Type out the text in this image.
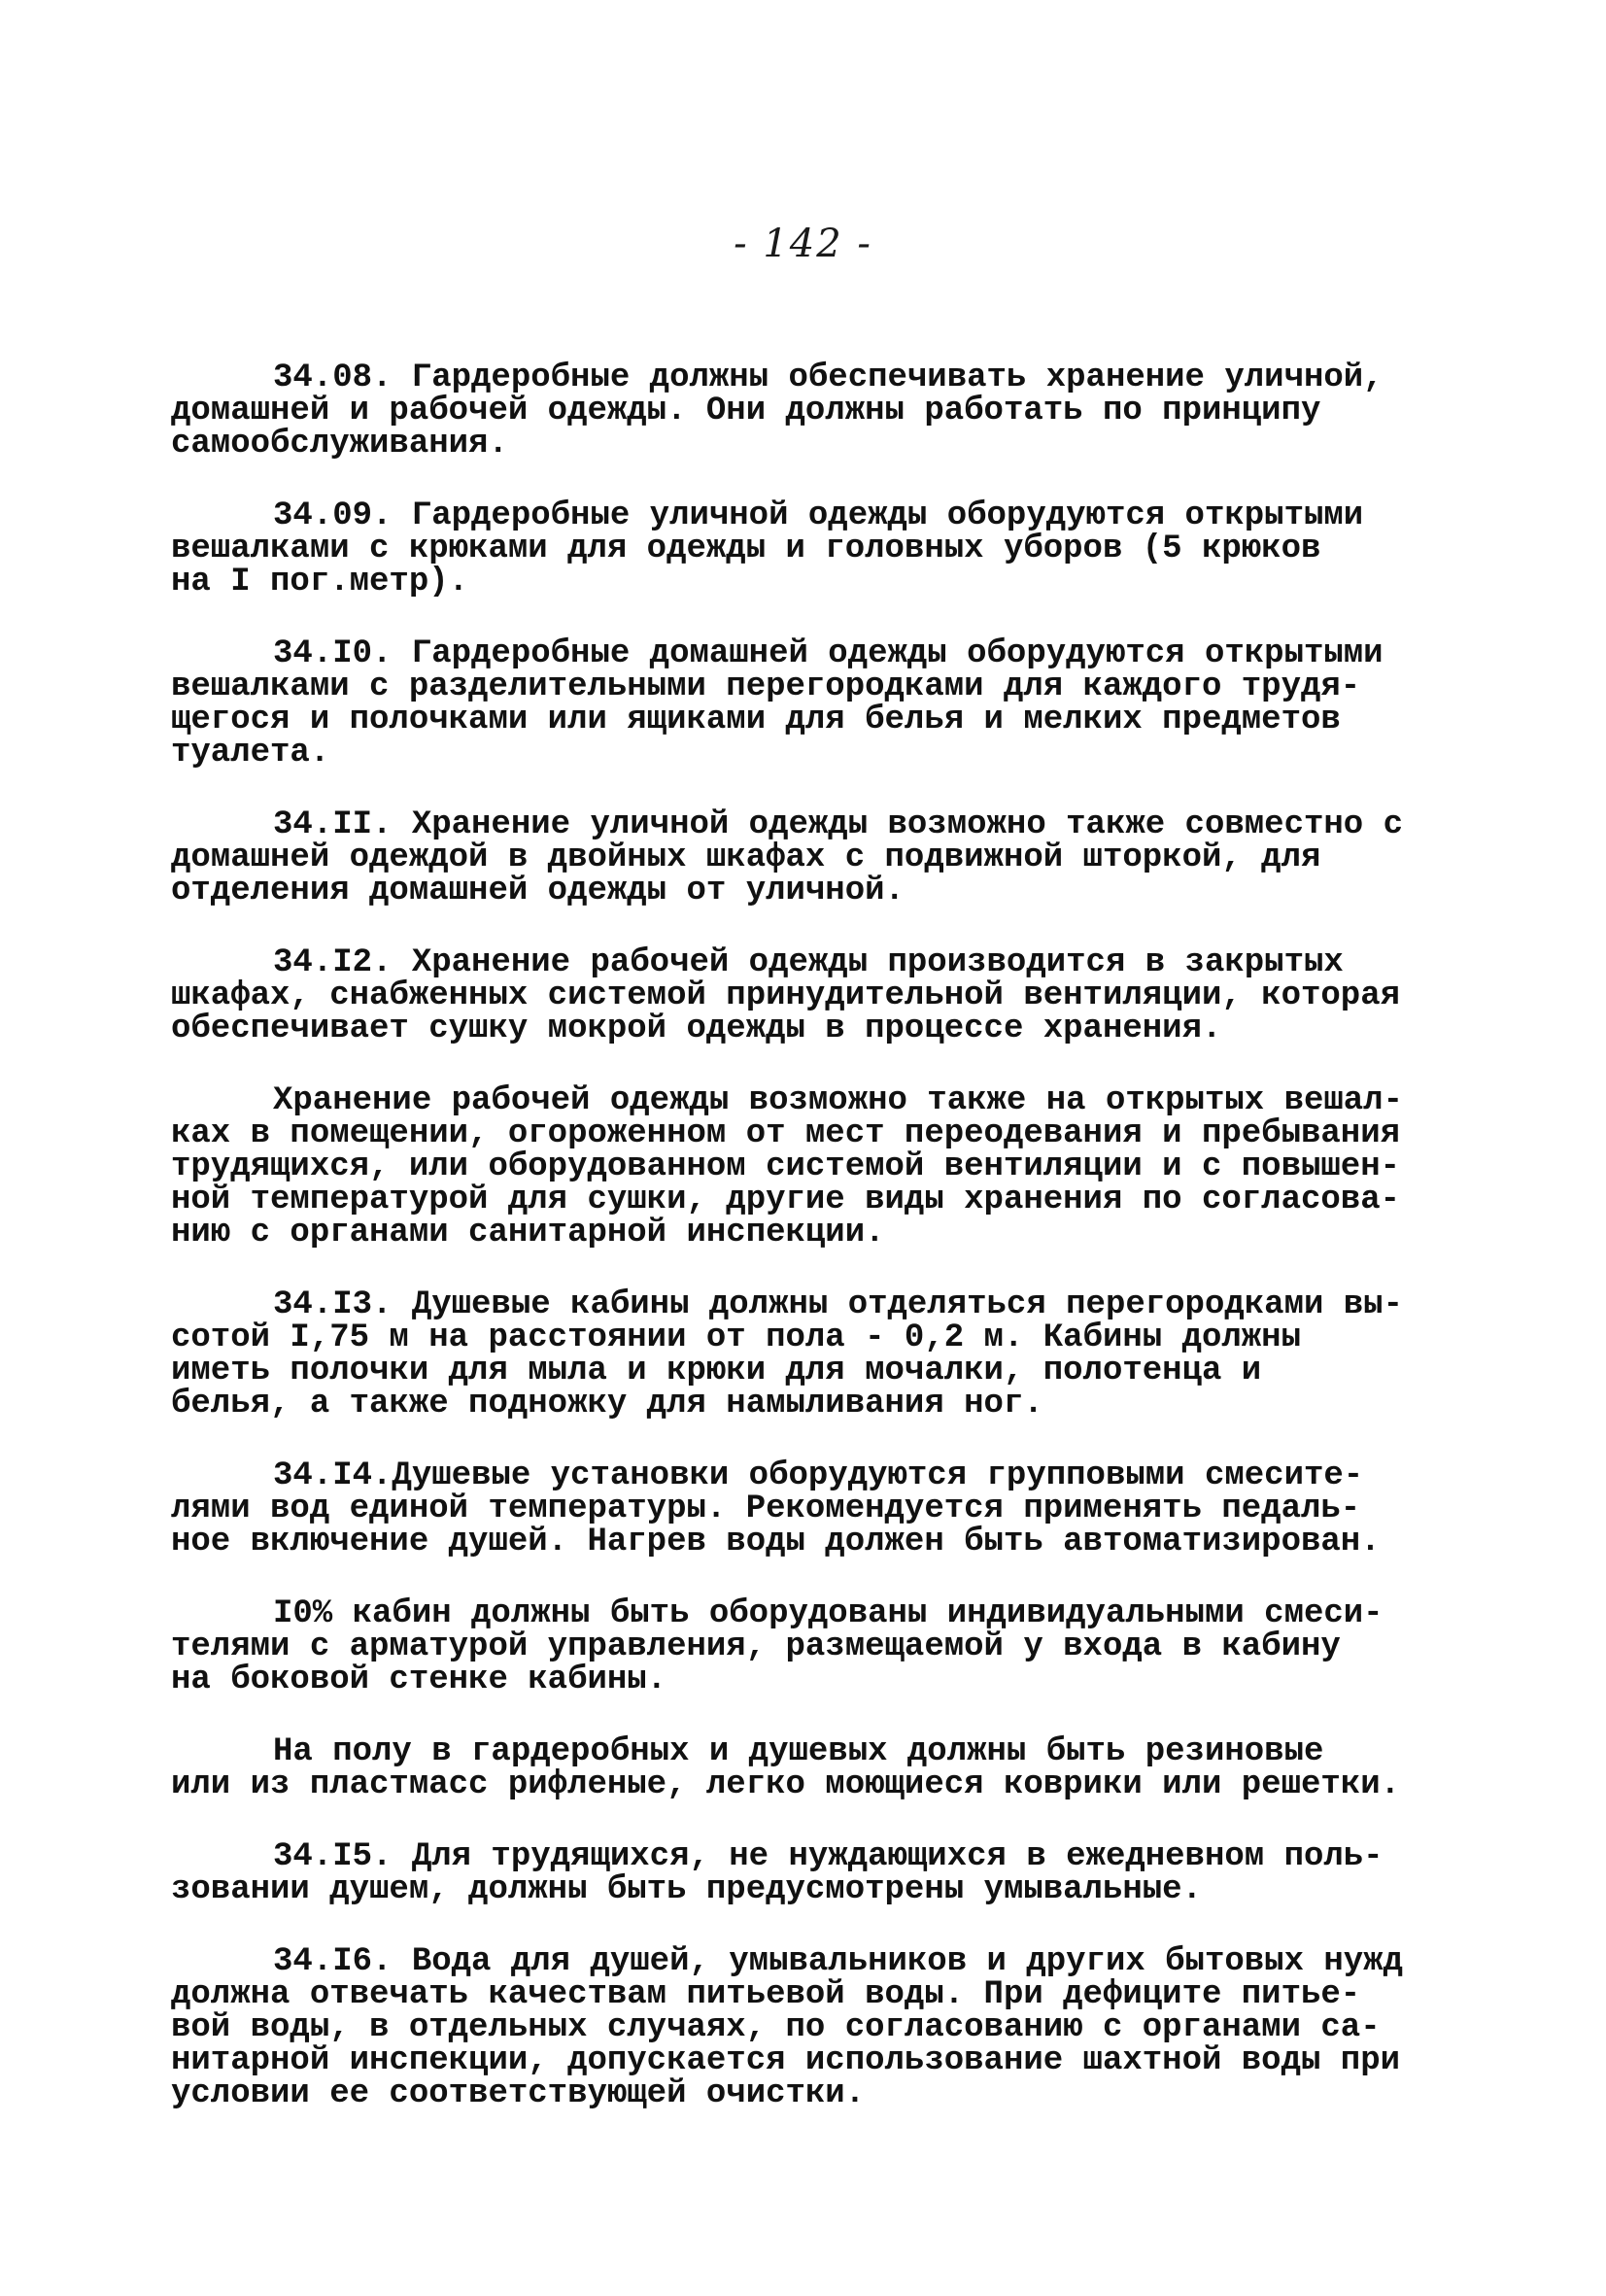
- 142 -

34.08. Гардеробные должны обеспечивать хранение уличной,
домашней и рабочей одежды. Они должны работать по принципу
самообслуживания.

34.09. Гардеробные уличной одежды оборудуются открытыми
вешалками с крюками для одежды и головных уборов (5 крюков
на I пог.метр).

34.I0. Гардеробные домашней одежды оборудуются открытыми
вешалками с разделительными перегородками для каждого трудя-
щегося и полочками или ящиками для белья и мелких предметов
туалета.

34.II. Хранение уличной одежды возможно также совместно с
домашней одеждой в двойных шкафах с подвижной шторкой, для
отделения домашней одежды от уличной.

34.I2. Хранение рабочей одежды производится в закрытых
шкафах, снабженных системой принудительной вентиляции, которая
обеспечивает сушку мокрой одежды в процессе хранения.

Хранение рабочей одежды возможно также на открытых вешал-
ках в помещении, огороженном от мест переодевания и пребывания
трудящихся, или оборудованном системой вентиляции и с повышен-
ной температурой для сушки, другие виды хранения по согласова-
нию с органами санитарной инспекции.

34.I3. Душевые кабины должны отделяться перегородками вы-
сотой I,75 м на расстоянии от пола - 0,2 м. Кабины должны
иметь полочки для мыла и крюки для мочалки, полотенца и
белья, а также подножку для намыливания ног.

34.I4.Душевые установки оборудуются групповыми смесите-
лями вод единой температуры. Рекомендуется применять педаль-
ное включение душей. Нагрев воды должен быть автоматизирован.

I0% кабин должны быть оборудованы индивидуальными смеси-
телями с арматурой управления, размещаемой у входа в кабину
на боковой стенке кабины.

На полу в гардеробных и душевых должны быть резиновые
или из пластмасс рифленые, легко моющиеся коврики или решетки.

34.I5. Для трудящихся, не нуждающихся в ежедневном поль-
зовании душем, должны быть предусмотрены умывальные.

34.I6. Вода для душей, умывальников и других бытовых нужд
должна отвечать качествам питьевой воды. При дефиците питье-
вой воды, в отдельных случаях, по согласованию с органами са-
нитарной инспекции, допускается использование шахтной воды при
условии ее соответствующей очистки.
